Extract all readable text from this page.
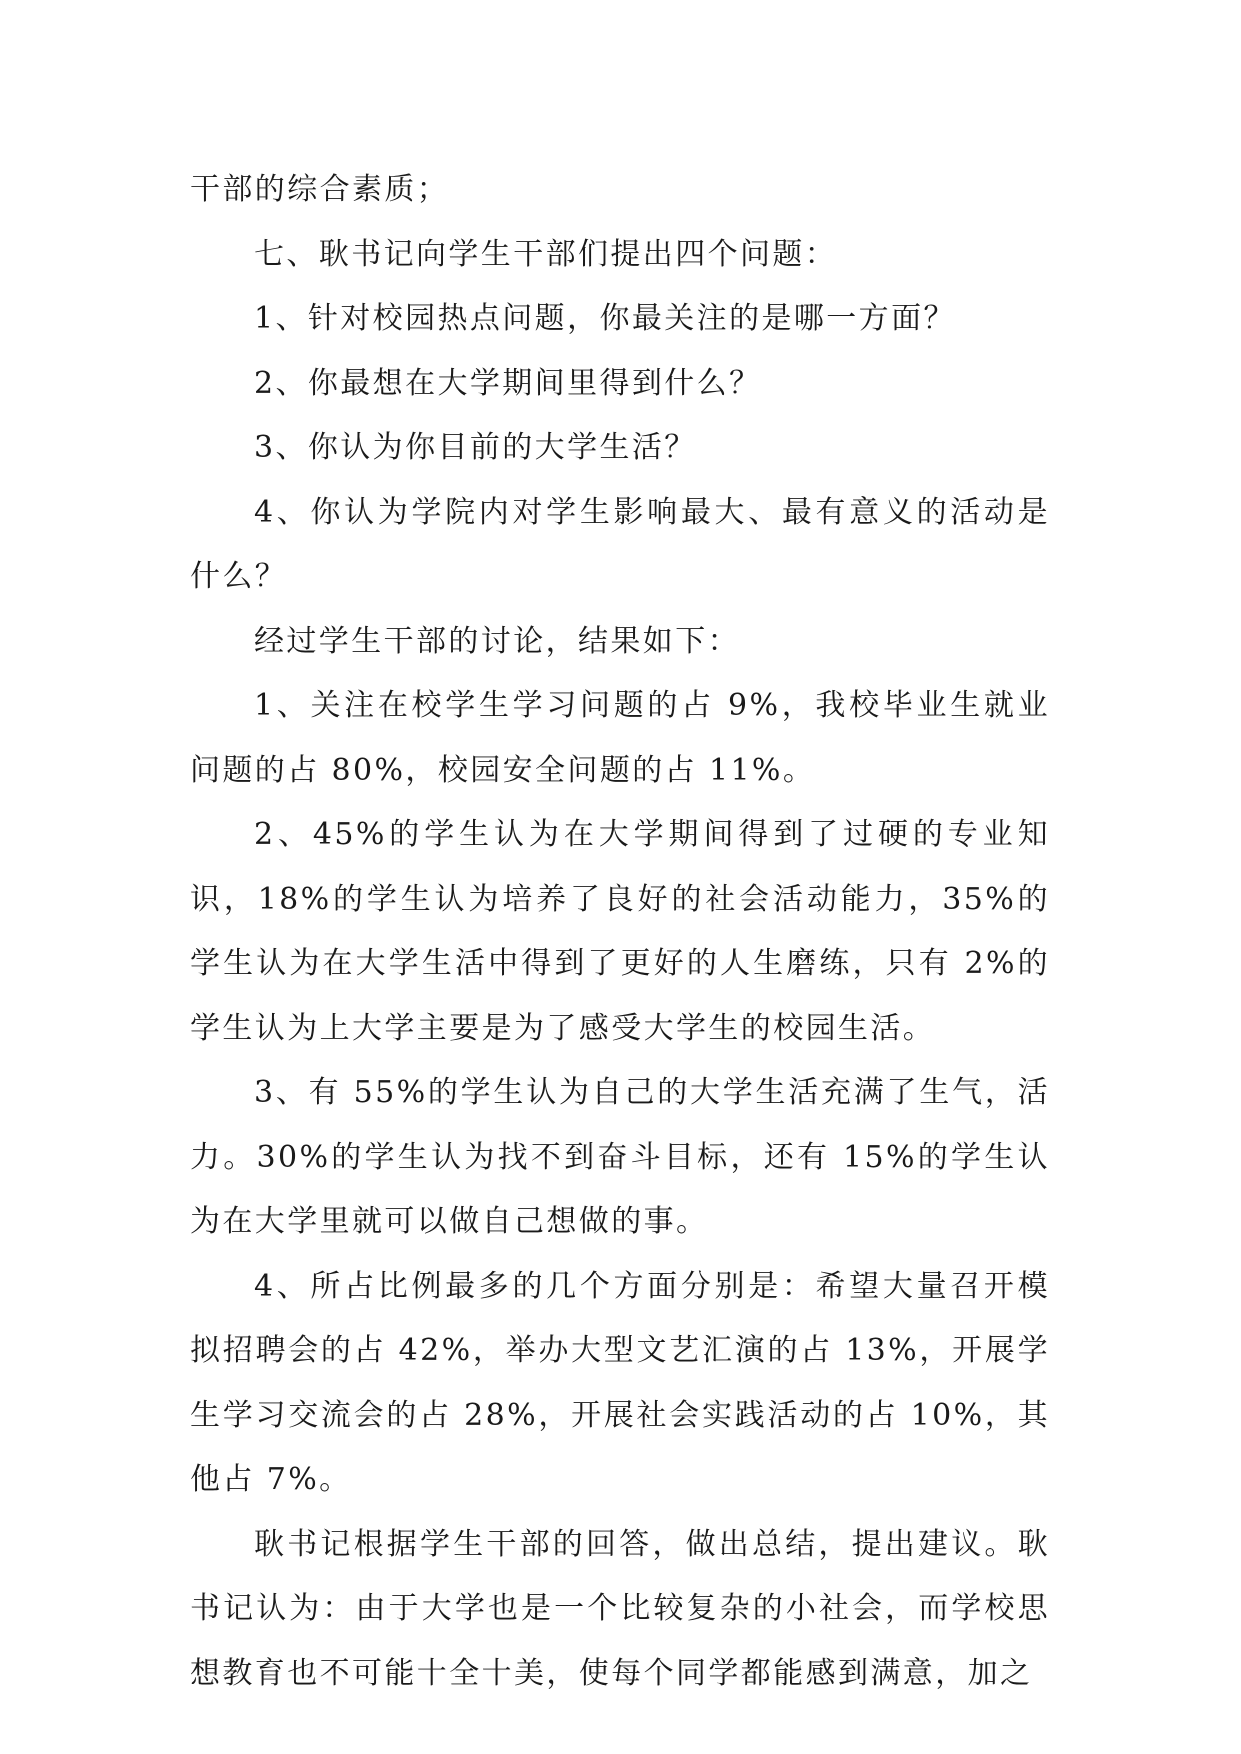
干部的综合素质；

七、耿书记向学生干部们提出四个问题：

1、针对校园热点问题，你最关注的是哪一方面？

2、你最想在大学期间里得到什么？

3、你认为你目前的大学生活？

4、你认为学院内对学生影响最大、最有意义的活动是什么？

经过学生干部的讨论，结果如下：

1、关注在校学生学习问题的占 9%，我校毕业生就业问题的占 80%，校园安全问题的占 11%。

2、45%的学生认为在大学期间得到了过硬的专业知识，18%的学生认为培养了良好的社会活动能力，35%的学生认为在大学生活中得到了更好的人生磨练，只有 2%的学生认为上大学主要是为了感受大学生的校园生活。

3、有 55%的学生认为自己的大学生活充满了生气，活力。30%的学生认为找不到奋斗目标，还有 15%的学生认为在大学里就可以做自己想做的事。

4、所占比例最多的几个方面分别是：希望大量召开模拟招聘会的占 42%，举办大型文艺汇演的占 13%，开展学生学习交流会的占 28%，开展社会实践活动的占 10%，其他占 7%。

耿书记根据学生干部的回答，做出总结，提出建议。耿书记认为：由于大学也是一个比较复杂的小社会，而学校思想教育也不可能十全十美，使每个同学都能感到满意，加之
